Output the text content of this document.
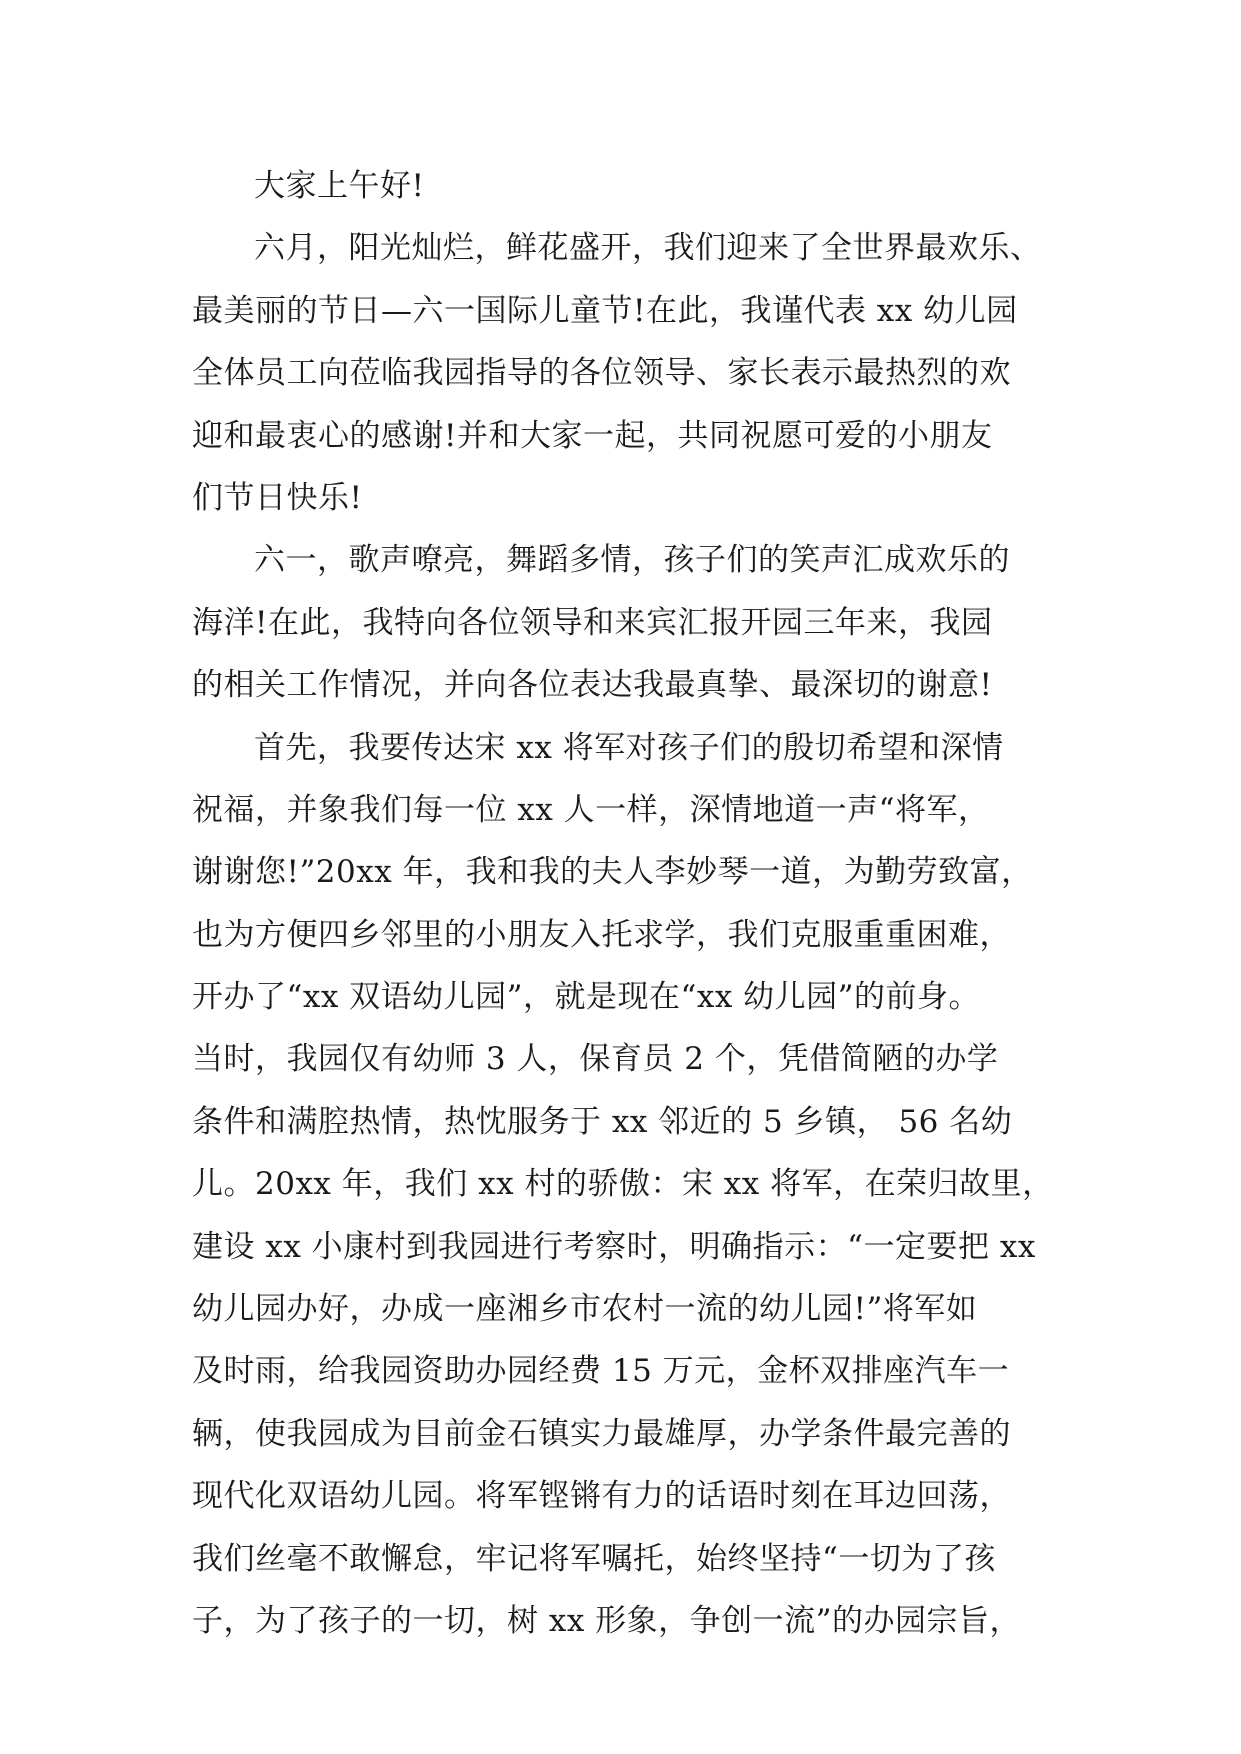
大家上午好!
六月，阳光灿烂，鲜花盛开，我们迎来了全世界最欢乐、
最美丽的节日—六一国际儿童节!在此，我谨代表 xx 幼儿园
全体员工向莅临我园指导的各位领导、家长表示最热烈的欢
迎和最衷心的感谢!并和大家一起，共同祝愿可爱的小朋友
们节日快乐!
六一，歌声嘹亮，舞蹈多情，孩子们的笑声汇成欢乐的
海洋!在此，我特向各位领导和来宾汇报开园三年来，我园
的相关工作情况，并向各位表达我最真挚、最深切的谢意!
首先，我要传达宋 xx 将军对孩子们的殷切希望和深情
祝福，并象我们每一位 xx 人一样，深情地道一声“将军，
谢谢您!”20xx 年，我和我的夫人李妙琴一道，为勤劳致富，
也为方便四乡邻里的小朋友入托求学，我们克服重重困难，
开办了“xx 双语幼儿园”，就是现在“xx 幼儿园”的前身。
当时，我园仅有幼师 3 人，保育员 2 个，凭借简陋的办学
条件和满腔热情，热忱服务于 xx 邻近的 5 乡镇， 56 名幼
儿。20xx 年，我们 xx 村的骄傲：宋 xx 将军，在荣归故里，
建设 xx 小康村到我园进行考察时，明确指示：“一定要把 xx
幼儿园办好，办成一座湘乡市农村一流的幼儿园!”将军如
及时雨，给我园资助办园经费 15 万元，金杯双排座汽车一
辆，使我园成为目前金石镇实力最雄厚，办学条件最完善的
现代化双语幼儿园。将军铿锵有力的话语时刻在耳边回荡，
我们丝毫不敢懈怠，牢记将军嘱托，始终坚持“一切为了孩
子，为了孩子的一切，树 xx 形象，争创一流”的办园宗旨，
